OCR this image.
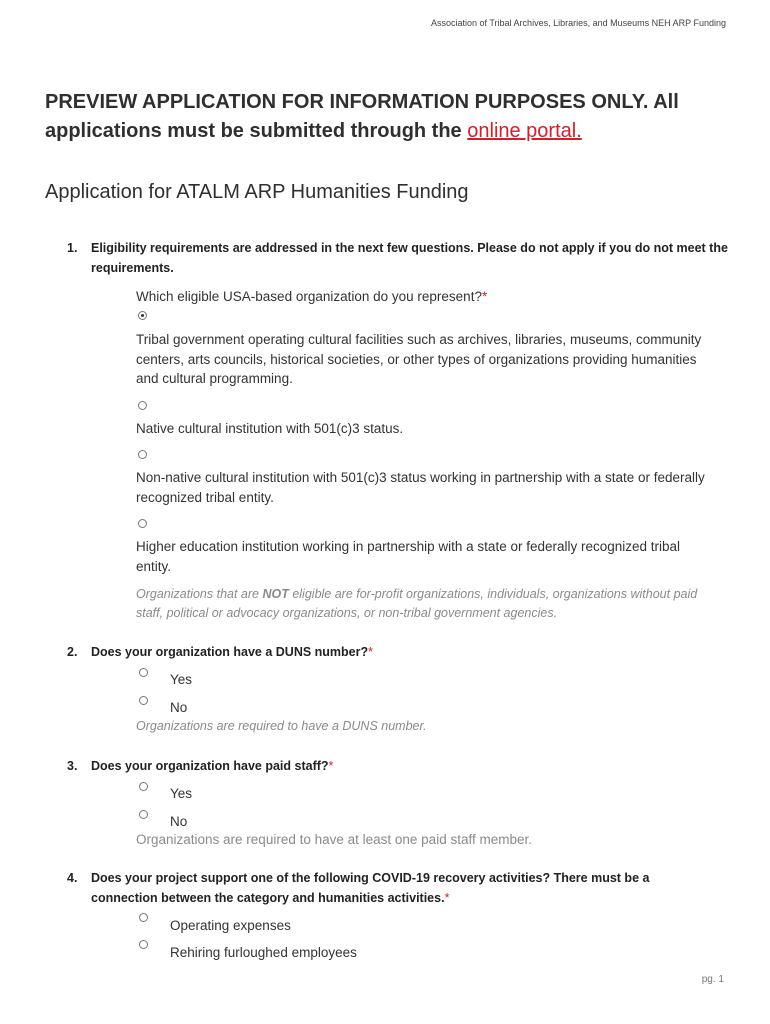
Association of Tribal Archives, Libraries, and Museums NEH ARP Funding
PREVIEW APPLICATION FOR INFORMATION PURPOSES ONLY. All applications must be submitted through the online portal.
Application for ATALM ARP Humanities Funding
1. Eligibility requirements are addressed in the next few questions. Please do not apply if you do not meet the requirements.
Which eligible USA-based organization do you represent?*
Tribal government operating cultural facilities such as archives, libraries, museums, community centers, arts councils, historical societies, or other types of organizations providing humanities and cultural programming.
Native cultural institution with 501(c)3 status.
Non-native cultural institution with 501(c)3 status working in partnership with a state or federally recognized tribal entity.
Higher education institution working in partnership with a state or federally recognized tribal entity.
Organizations that are NOT eligible are for-profit organizations, individuals, organizations without paid staff, political or advocacy organizations, or non-tribal government agencies.
2. Does your organization have a DUNS number?*
Yes
No
Organizations are required to have a DUNS number.
3. Does your organization have paid staff?*
Yes
No
Organizations are required to have at least one paid staff member.
4. Does your project support one of the following COVID-19 recovery activities? There must be a connection between the category and humanities activities.*
Operating expenses
Rehiring furloughed employees
pg. 1
